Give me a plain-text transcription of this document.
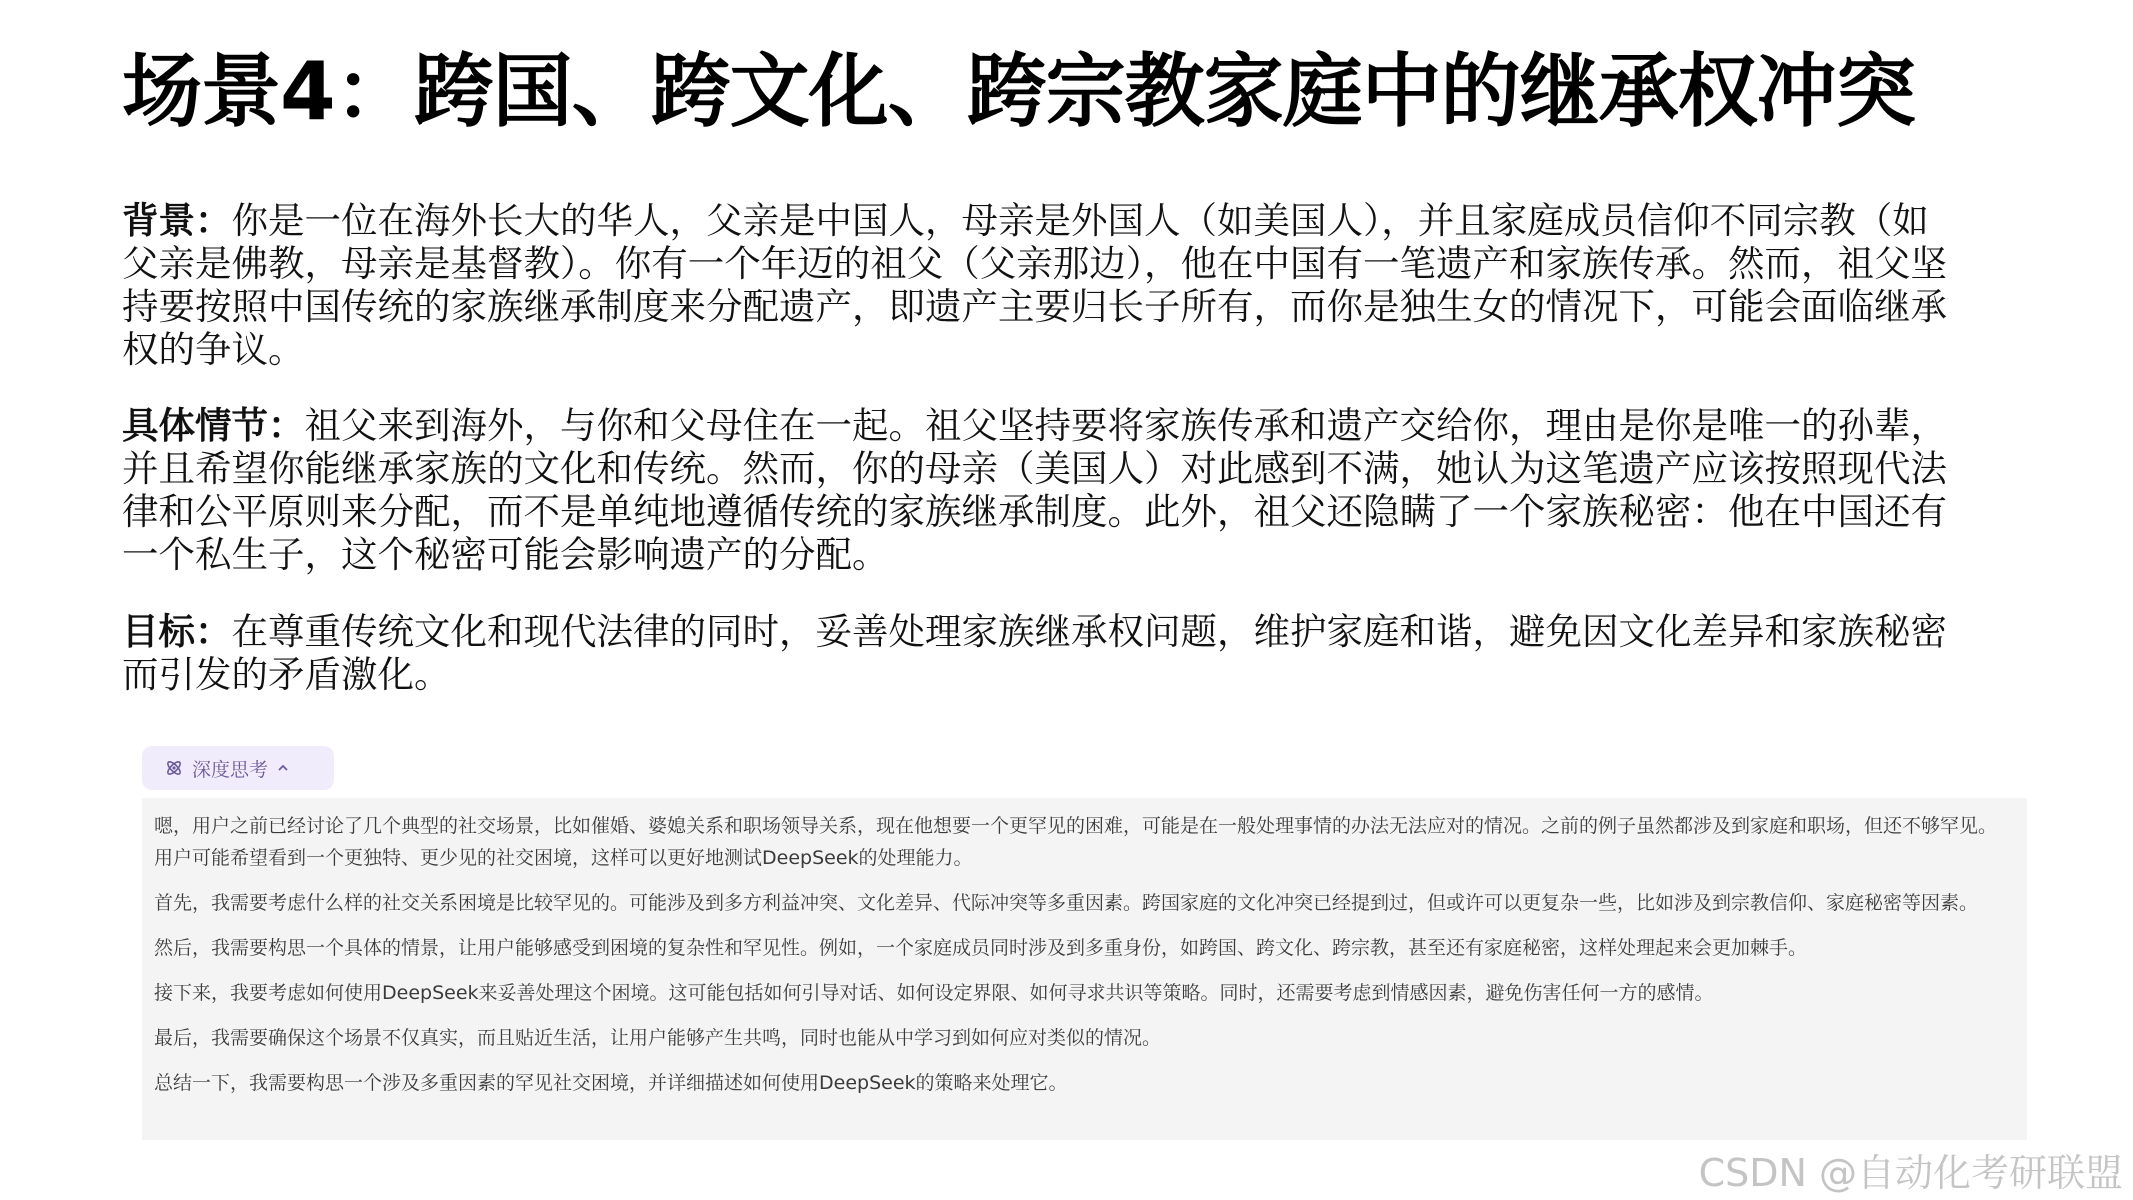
场景4：跨国、跨文化、跨宗教家庭中的继承权冲突

背景：你是一位在海外长大的华人，父亲是中国人，母亲是外国人（如美国人），并且家庭成员信仰不同宗教（如父亲是佛教，母亲是基督教）。你有一个年迈的祖父（父亲那边），他在中国有一笔遗产和家族传承。然而，祖父坚持要按照中国传统的家族继承制度来分配遗产，即遗产主要归长子所有，而你是独生女的情况下，可能会面临继承权的争议。

具体情节：祖父来到海外，与你和父母住在一起。祖父坚持要将家族传承和遗产交给你，理由是你是唯一的孙辈，并且希望你能继承家族的文化和传统。然而，你的母亲（美国人）对此感到不满，她认为这笔遗产应该按照现代法律和公平原则来分配，而不是单纯地遵循传统的家族继承制度。此外，祖父还隐瞒了一个家族秘密：他在中国还有一个私生子，这个秘密可能会影响遗产的分配。

目标：在尊重传统文化和现代法律的同时，妥善处理家族继承权问题，维护家庭和谐，避免因文化差异和家族秘密而引发的矛盾激化。

深度思考

嗯，用户之前已经讨论了几个典型的社交场景，比如催婚、婆媳关系和职场领导关系，现在他想要一个更罕见的困难，可能是在一般处理事情的办法无法应对的情况。之前的例子虽然都涉及到家庭和职场，但还不够罕见。用户可能希望看到一个更独特、更少见的社交困境，这样可以更好地测试DeepSeek的处理能力。

首先，我需要考虑什么样的社交关系困境是比较罕见的。可能涉及到多方利益冲突、文化差异、代际冲突等多重因素。跨国家庭的文化冲突已经提到过，但或许可以更复杂一些，比如涉及到宗教信仰、家庭秘密等因素。

然后，我需要构思一个具体的情景，让用户能够感受到困境的复杂性和罕见性。例如，一个家庭成员同时涉及到多重身份，如跨国、跨文化、跨宗教，甚至还有家庭秘密，这样处理起来会更加棘手。

接下来，我要考虑如何使用DeepSeek来妥善处理这个困境。这可能包括如何引导对话、如何设定界限、如何寻求共识等策略。同时，还需要考虑到情感因素，避免伤害任何一方的感情。

最后，我需要确保这个场景不仅真实，而且贴近生活，让用户能够产生共鸣，同时也能从中学习到如何应对类似的情况。

总结一下，我需要构思一个涉及多重因素的罕见社交困境，并详细描述如何使用DeepSeek的策略来处理它。

CSDN @自动化考研联盟
